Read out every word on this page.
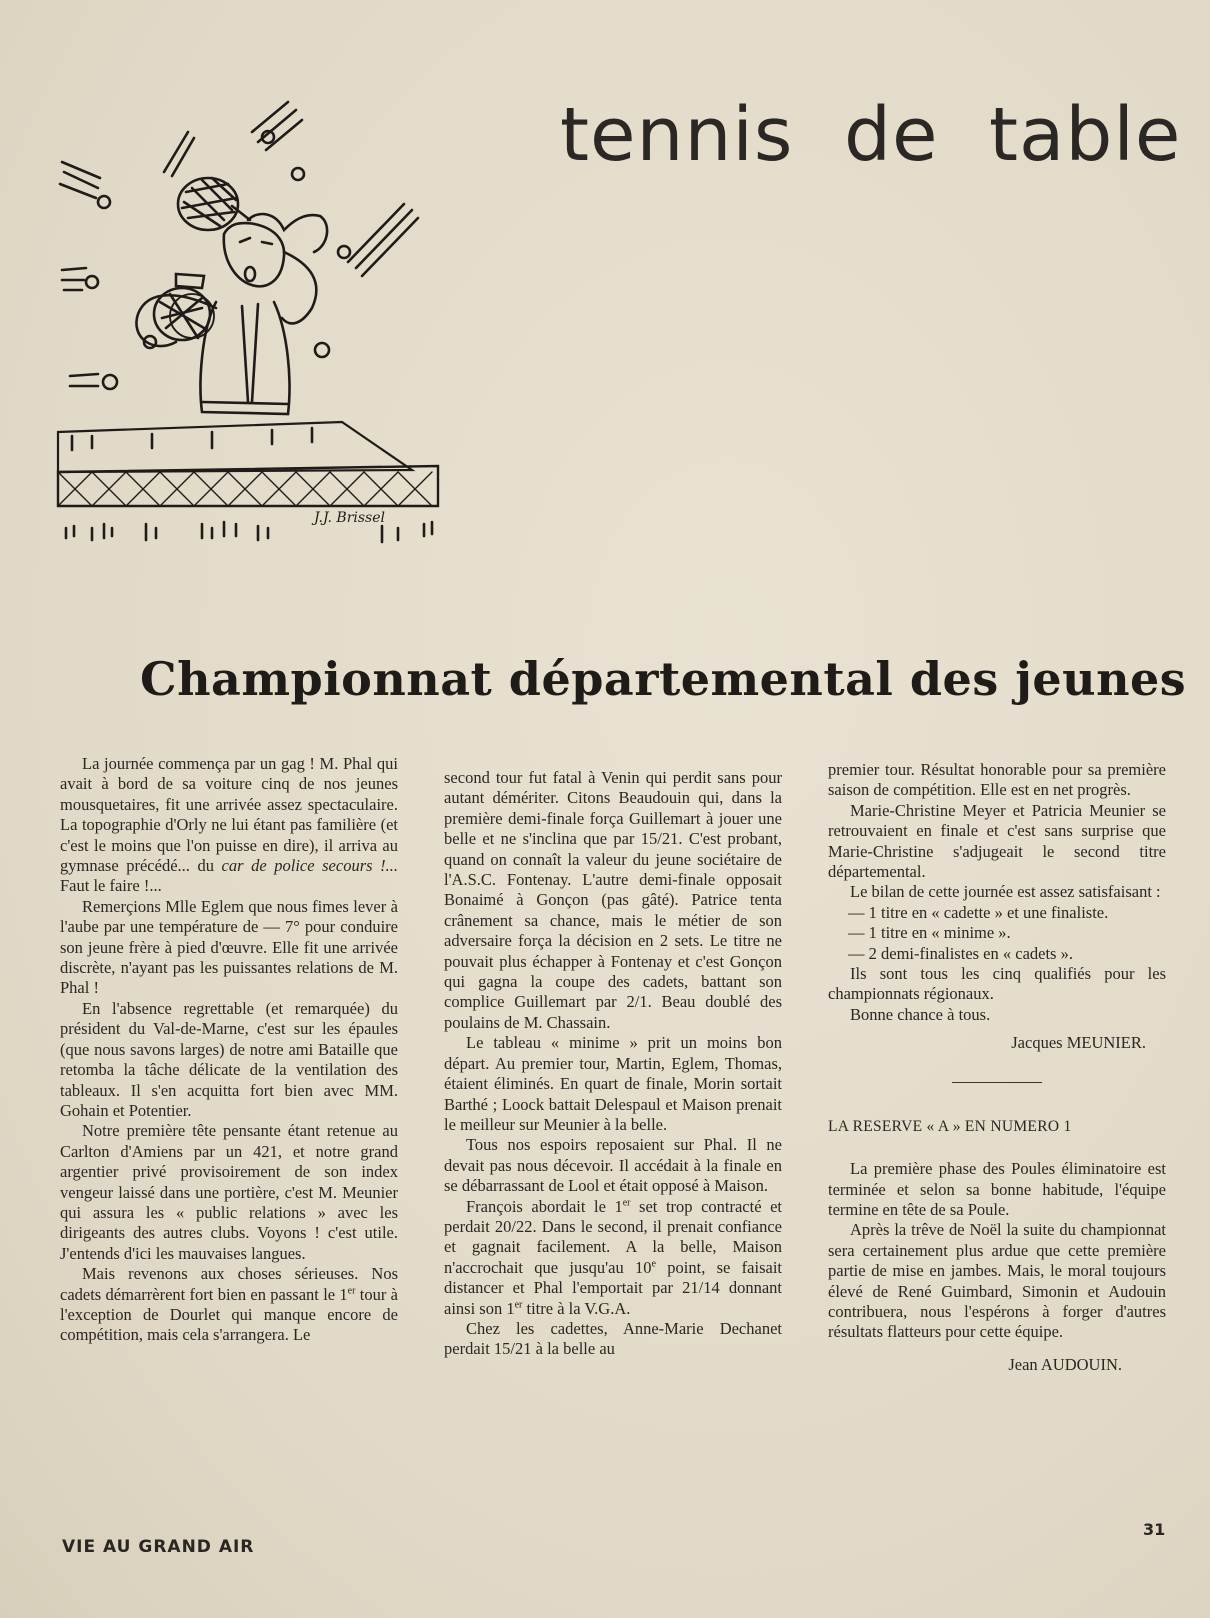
tennis de table
J.J. Brissel
Championnat départemental des jeunes

La journée commença par un gag ! M. Phal qui avait à bord de sa voiture cinq de nos jeunes mousquetaires, fit une arrivée assez spectaculaire. La topographie d'Orly ne lui étant pas familière (et c'est le moins que l'on puisse en dire), il arriva au gymnase précédé... du car de police secours !... Faut le faire !...

Remerçions Mlle Eglem que nous fimes lever à l'aube par une température de — 7° pour conduire son jeune frère à pied d'œuvre. Elle fit une arrivée discrète, n'ayant pas les puissantes relations de M. Phal !

En l'absence regrettable (et remarquée) du président du Val-de-Marne, c'est sur les épaules (que nous savons larges) de notre ami Bataille que retomba la tâche délicate de la ventilation des tableaux. Il s'en acquitta fort bien avec MM. Gohain et Potentier.

Notre première tête pensante étant retenue au Carlton d'Amiens par un 421, et notre grand argentier privé provisoirement de son index vengeur laissé dans une portière, c'est M. Meunier qui assura les « public relations » avec les dirigeants des autres clubs. Voyons ! c'est utile. J'entends d'ici les mauvaises langues.

Mais revenons aux choses sérieuses. Nos cadets démarrèrent fort bien en passant le 1er tour à l'exception de Dourlet qui manque encore de compétition, mais cela s'arrangera. Le

second tour fut fatal à Venin qui perdit sans pour autant démériter. Citons Beaudouin qui, dans la première demi-finale força Guillemart à jouer une belle et ne s'inclina que par 15/21. C'est probant, quand on connaît la valeur du jeune sociétaire de l'A.S.C. Fontenay. L'autre demi-finale opposait Bonaimé à Gonçon (pas gâté). Patrice tenta crânement sa chance, mais le métier de son adversaire força la décision en 2 sets. Le titre ne pouvait plus échapper à Fontenay et c'est Gonçon qui gagna la coupe des cadets, battant son complice Guillemart par 2/1. Beau doublé des poulains de M. Chassain.

Le tableau « minime » prit un moins bon départ. Au premier tour, Martin, Eglem, Thomas, étaient éliminés. En quart de finale, Morin sortait Barthé ; Loock battait Delespaul et Maison prenait le meilleur sur Meunier à la belle.

Tous nos espoirs reposaient sur Phal. Il ne devait pas nous décevoir. Il accédait à la finale en se débarrassant de Lool et était opposé à Maison.

François abordait le 1er set trop contracté et perdait 20/22. Dans le second, il prenait confiance et gagnait facilement. A la belle, Maison n'accrochait que jusqu'au 10e point, se faisait distancer et Phal l'emportait par 21/14 donnant ainsi son 1er titre à la V.G.A.

Chez les cadettes, Anne-Marie Dechanet perdait 15/21 à la belle au

premier tour. Résultat honorable pour sa première saison de compétition. Elle est en net progrès.

Marie-Christine Meyer et Patricia Meunier se retrouvaient en finale et c'est sans surprise que Marie-Christine s'adjugeait le second titre départemental.

Le bilan de cette journée est assez satisfaisant :

— 1 titre en « cadette » et une finaliste.
— 1 titre en « minime ».
— 2 demi-finalistes en « cadets ».

Ils sont tous les cinq qualifiés pour les championnats régionaux.

Bonne chance à tous.

Jacques MEUNIER.

LA RESERVE « A » EN NUMERO 1

La première phase des Poules éliminatoire est terminée et selon sa bonne habitude, l'équipe termine en tête de sa Poule.

Après la trêve de Noël la suite du championnat sera certainement plus ardue que cette première partie de mise en jambes. Mais, le moral toujours élevé de René Guimbard, Simonin et Audouin contribuera, nous l'espérons à forger d'autres résultats flatteurs pour cette équipe.

Jean AUDOUIN.

VIE AU GRAND AIR
31
